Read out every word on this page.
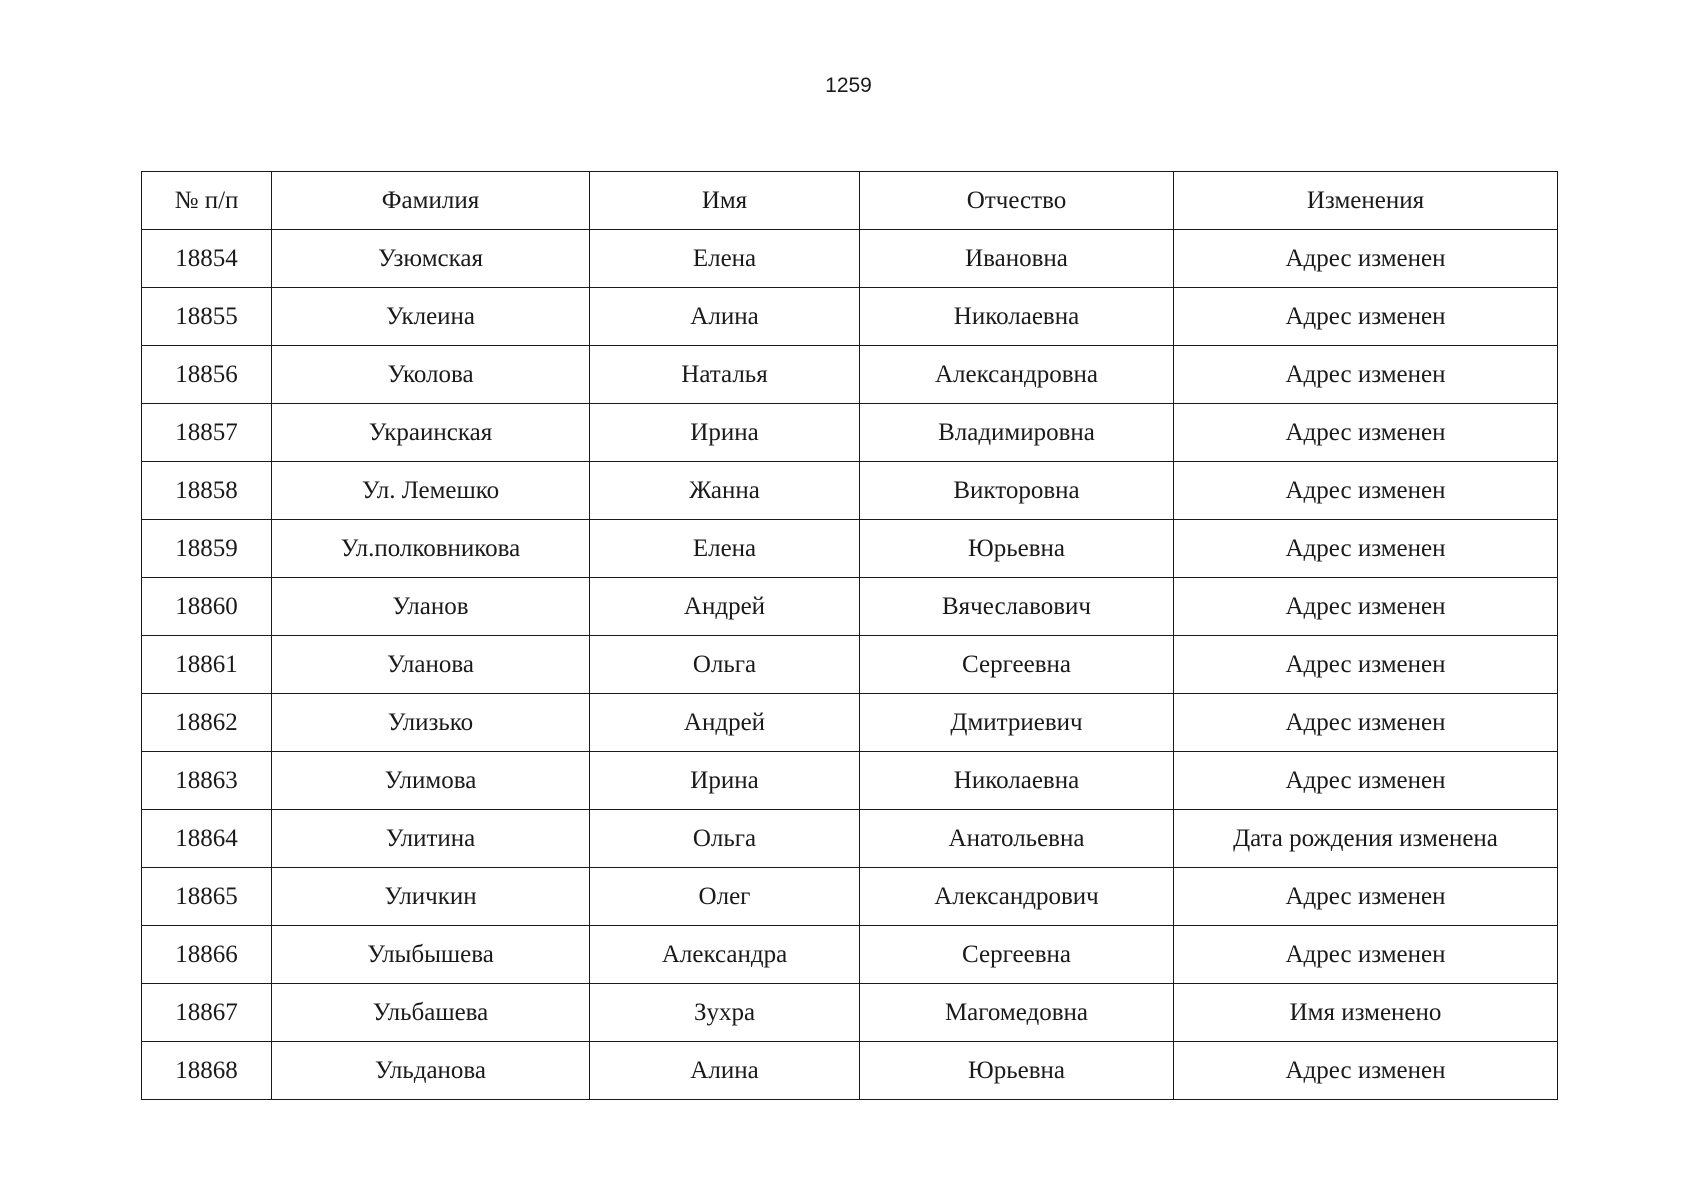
1259
№ п/п	Фамилия	Имя	Отчество	Изменения
18854	Узюмская	Елена	Ивановна	Адрес изменен
18855	Уклеина	Алина	Николаевна	Адрес изменен
18856	Уколова	Наталья	Александровна	Адрес изменен
18857	Украинская	Ирина	Владимировна	Адрес изменен
18858	Ул. Лемешко	Жанна	Викторовна	Адрес изменен
18859	Ул.полковникова	Елена	Юрьевна	Адрес изменен
18860	Уланов	Андрей	Вячеславович	Адрес изменен
18861	Уланова	Ольга	Сергеевна	Адрес изменен
18862	Улизько	Андрей	Дмитриевич	Адрес изменен
18863	Улимова	Ирина	Николаевна	Адрес изменен
18864	Улитина	Ольга	Анатольевна	Дата рождения изменена
18865	Уличкин	Олег	Александрович	Адрес изменен
18866	Улыбышева	Александра	Сергеевна	Адрес изменен
18867	Ульбашева	Зухра	Магомедовна	Имя изменено
18868	Ульданова	Алина	Юрьевна	Адрес изменен
